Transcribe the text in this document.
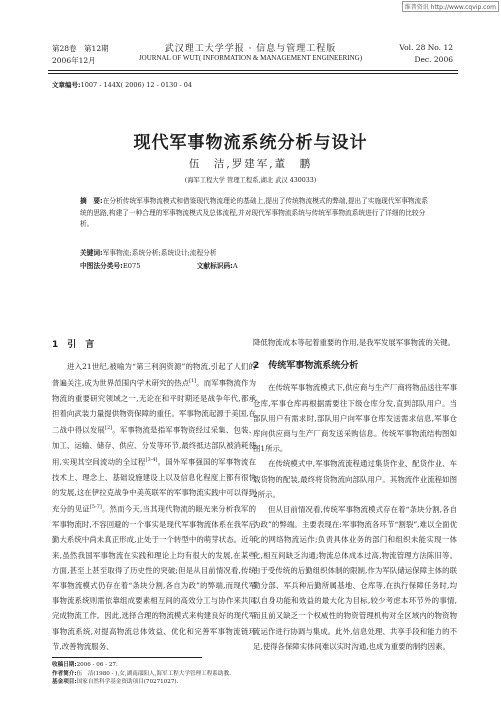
维普资讯 http://www.cqvip.com
第28卷　第12期
2006年12月
武汉理工大学学报 · 信息与管理工程版
JOURNAL OF WUT( INFORMATION & MANAGEMENT ENGINEERING)
Vol. 28 No. 12
Dec. 2006
文章编号:1007 - 144X( 2006) 12 - 0130 - 04
现代军事物流系统分析与设计
伍　洁,罗建军,董　鹏
(海军工程大学 管理工程系,湖北 武汉 430033)
摘　要:在分析传统军事物流模式和借鉴现代物流理论的基础上,提出了传统物流模式的弊端,提出了实施现代军事物流系统的思路,构建了一种合理的军事物流模式及总体流程,并对现代军事物流系统与传统军事物流系统进行了详细的比较分析。
关键词:军事物流;系统分析;系统设计;流程分析
中图法分类号:E075	文献标识码:A
1　引　言

进入21世纪,被喻为“第三利润资源”的物流,引起了人们的普遍关注,成为世界范围内学术研究的热点[1]。而军事物流作为物流的重要研究领域之一,无论在和平时期还是战争年代,都承担着向武装力量提供物资保障的重任。军事物流起源于美国,在二战中得以发展[2]。军事物流是指军事物资经过采集、包装、加工、运输、储存、供应、分发等环节,最终抵达部队被消耗使用,实现其空间流动的全过程[3-4]。国外军事强国的军事物流在技术上、理念上、基础设施建设上以及信息化程度上都有很快的发展,这在伊拉克战争中美英联军的军事物流实践中可以得到充分的见证[5-7]。然而今天,当其现代物流的眼光来分析我军的军事物流时,不容回避的一个事实是现代军事物流体系在我军后勤大系统中尚未真正形成,止处于一个转型中的萌芽状态。近年来,虽然我国军事物流在实践和理论上均有很大的发展,在某些方面,甚至上甚至取得了历史性的突破;但是从目前情况看,传统军事物流模式仍存在着“条块分割,各自为政”的弊端,而现代军事物流系统则需依靠组成要素相互间的高效分工与协作来共同完成物流工作。因此,选择合理的物流模式来构建良好的现代军事物流系统,对提高物流总体效益、优化和完善军事物流链环节,改善物流服务、

降低物流成本等起着重要的作用,是我军发展军事物流的关键。

2　传统军事物流系统分析

在传统军事物流模式下,供应商与生产厂商将物品送往军事仓库,军事仓库再根据需要往下级仓库分发,直到部队用户。当部队用户有需求时,部队用户向军事仓库发送需求信息,军事仓库向供应商与生产厂商发送采购信息。传统军事物流结构图如图1所示。

在传统模式中,军事物流流程通过集货作业、配货作业、车载货物的配装,最终将货物流向部队用户。其物流作业流程如图2所示。

但从目前情况看,传统军事物流模式存在着“条块分割,各自为政”的弊端。主要表现在:军事物流各环节“割裂”,难以全面优化的网络物流运作;负责具体业务的部门和组织未能实现一体化,相互间缺乏沟通;物流总体成本过高,物流管理方法陈旧等。由于受传统的后勤组织体制的限制,作为军队储运保障主体的联勤分部、军兵种后勤所属基地、仓库等,在执行保障任务时,均以自身功能和效益的最大化为目标,较少考虑本环节外的事情,而且前又缺乏一个权威性的物资管理机构对全区域内的物资物流运作进行协调与集成。此外,信息处理、共享手段和能力的不足,使得各保障实体间难以实时沟通,也成为重要的制约因素。

收稿日期:2006 - 06 - 27.
作者简介:伍　洁(1980 - ),女,湖南邵阳人,海军工程大学管理工程系助教.
基金项目:国家自然科学基金资助项目(70271027).
